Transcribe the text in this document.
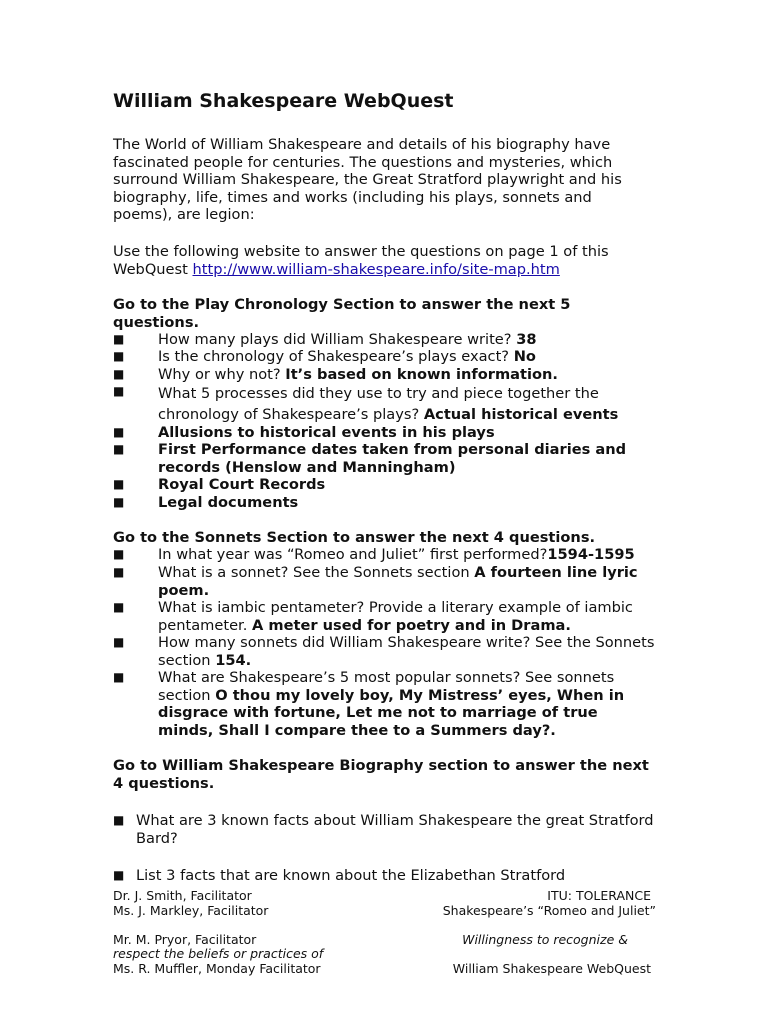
William Shakespeare WebQuest

The World of William Shakespeare and details of his biography have fascinated people for centuries. The questions and mysteries, which surround William Shakespeare, the Great Stratford playwright and his biography, life, times and works (including his plays, sonnets and poems), are legion:

Use the following website to answer the questions on page 1 of this WebQuest http://www.william-shakespeare.info/site-map.htm

Go to the Play Chronology Section to answer the next 5 questions.

■ How many plays did William Shakespeare write? 38
■ Is the chronology of Shakespeare’s plays exact? No
■ Why or why not? It’s based on known information.
■ What 5 processes did they use to try and piece together the chronology of Shakespeare’s plays? Actual historical events
■ Allusions to historical events in his plays
■ First Performance dates taken from personal diaries and records (Henslow and Manningham)
■ Royal Court Records
■ Legal documents

Go to the Sonnets Section to answer the next 4 questions.

■ In what year was “Romeo and Juliet” first performed?1594-1595
■ What is a sonnet? See the Sonnets section A fourteen line lyric poem.
■ What is iambic pentameter? Provide a literary example of iambic pentameter. A meter used for poetry and in Drama.
■ How many sonnets did William Shakespeare write? See the Sonnets section 154.
■ What are Shakespeare’s 5 most popular sonnets? See sonnets section O thou my lovely boy, My Mistress’ eyes, When in disgrace with fortune, Let me not to marriage of true minds, Shall I compare thee to a Summers day?.

Go to William Shakespeare Biography section to answer the next 4 questions.

■ What are 3 known facts about William Shakespeare the great Stratford Bard?
■ List 3 facts that are known about the Elizabethan Stratford

Dr. J. Smith, Facilitator

Ms. J. Markley, Facilitator

Mr. M. Pryor, Facilitator

respect the beliefs or practices of

Ms. R. Muffler, Monday Facilitator

ITU: TOLERANCE

Shakespeare’s “Romeo and Juliet”

Willingness to recognize &

William Shakespeare WebQuest
